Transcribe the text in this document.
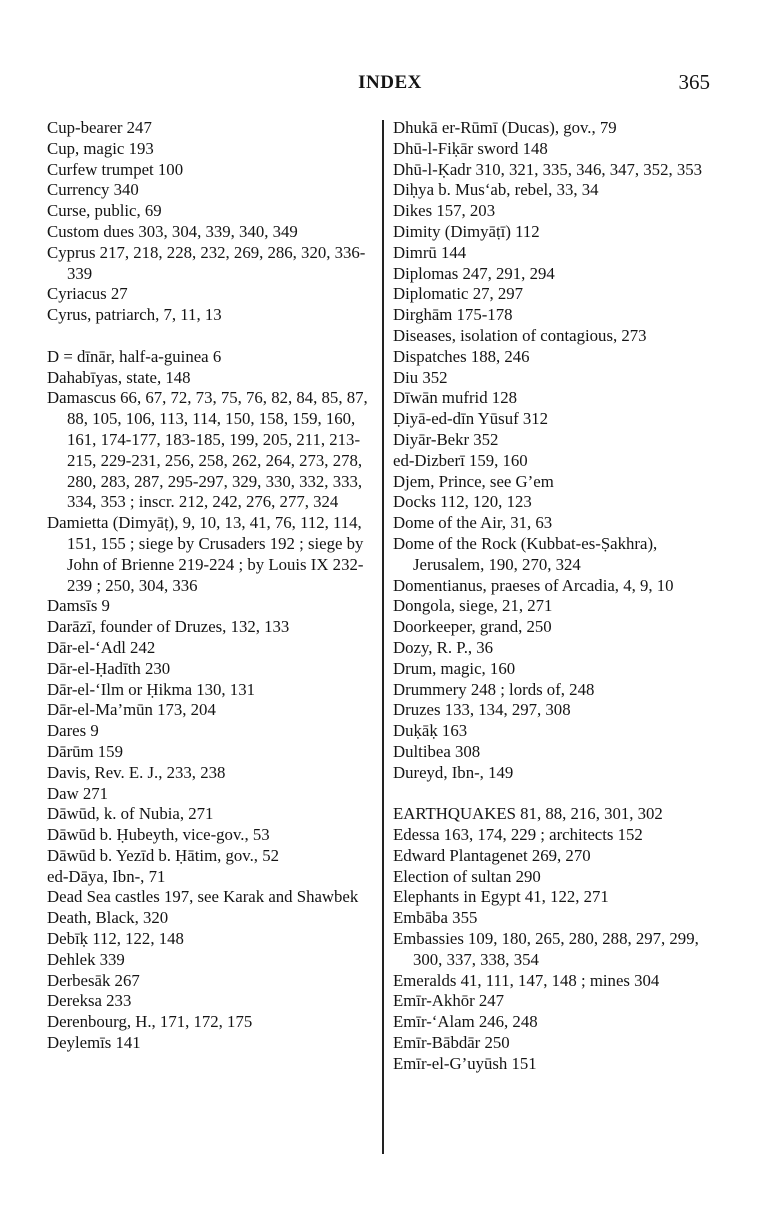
INDEX	365
Cup-bearer 247
Cup, magic 193
Curfew trumpet 100
Currency 340
Curse, public, 69
Custom dues 303, 304, 339, 340, 349
Cyprus 217, 218, 228, 232, 269, 286, 320, 336-339
Cyriacus 27
Cyrus, patriarch, 7, 11, 13
D = dīnār, half-a-guinea 6
Dahabīyas, state, 148
Damascus 66, 67, 72, 73, 75, 76, 82, 84, 85, 87, 88, 105, 106, 113, 114, 150, 158, 159, 160, 161, 174-177, 183-185, 199, 205, 211, 213-215, 229-231, 256, 258, 262, 264, 273, 278, 280, 283, 287, 295-297, 329, 330, 332, 333, 334, 353 ; inscr. 212, 242, 276, 277, 324
Damietta (Dimyāṭ), 9, 10, 13, 41, 76, 112, 114, 151, 155 ; siege by Crusaders 192 ; siege by John of Brienne 219-224 ; by Louis IX 232-239 ; 250, 304, 336
Damsīs 9
Darāzī, founder of Druzes, 132, 133
Dār-el-‘Adl 242
Dār-el-Ḥadīth 230
Dār-el-‘Ilm or Ḥikma 130, 131
Dār-el-Ma’mūn 173, 204
Dares 9
Dārūm 159
Davis, Rev. E. J., 233, 238
Daw 271
Dāwūd, k. of Nubia, 271
Dāwūd b. Ḥubeyth, vice-gov., 53
Dāwūd b. Yezīd b. Ḥātim, gov., 52
ed-Dāya, Ibn-, 71
Dead Sea castles 197, see Karak and Shawbek
Death, Black, 320
Debīḳ 112, 122, 148
Dehlek 339
Derbesāk 267
Dereksa 233
Derenbourg, H., 171, 172, 175
Deylemīs 141
Dhukā er-Rūmī (Ducas), gov., 79
Dhū-l-Fiḳār sword 148
Dhū-l-Ḳadr 310, 321, 335, 346, 347, 352, 353
Diḥya b. Mus‘ab, rebel, 33, 34
Dikes 157, 203
Dimity (Dimyāṭī) 112
Dimrū 144
Diplomas 247, 291, 294
Diplomatic 27, 297
Dirghām 175-178
Diseases, isolation of contagious, 273
Dispatches 188, 246
Diu 352
Dīwān mufrid 128
Ḍiyā-ed-dīn Yūsuf 312
Diyār-Bekr 352
ed-Dizberī 159, 160
Djem, Prince, see G’em
Docks 112, 120, 123
Dome of the Air, 31, 63
Dome of the Rock (Kubbat-es-Ṣakhra), Jerusalem, 190, 270, 324
Domentianus, praeses of Arcadia, 4, 9, 10
Dongola, siege, 21, 271
Doorkeeper, grand, 250
Dozy, R. P., 36
Drum, magic, 160
Drummery 248 ; lords of, 248
Druzes 133, 134, 297, 308
Duḳāḳ 163
Dultibea 308
Dureyd, Ibn-, 149
EARTHQUAKES 81, 88, 216, 301, 302
Edessa 163, 174, 229 ; architects 152
Edward Plantagenet 269, 270
Election of sultan 290
Elephants in Egypt 41, 122, 271
Embāba 355
Embassies 109, 180, 265, 280, 288, 297, 299, 300, 337, 338, 354
Emeralds 41, 111, 147, 148 ; mines 304
Emīr-Akhōr 247
Emīr-‘Alam 246, 248
Emīr-Bābdār 250
Emīr-el-G’uyūsh 151
